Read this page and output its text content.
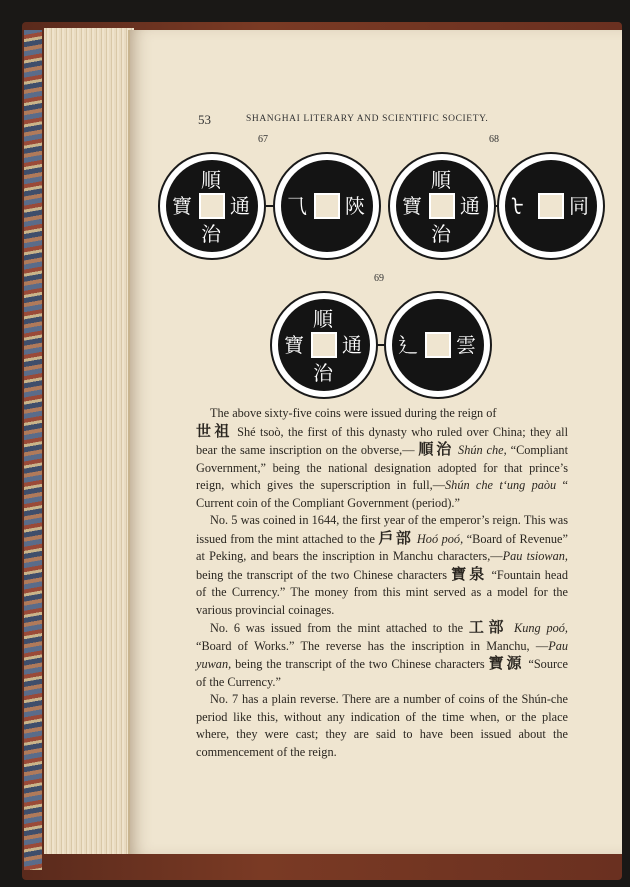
53	SHANGHAI LITERARY AND SCIENTIFIC SOCIETY.
67	68
69
順
治
寶 通 ⺄ 陝
順
治
寶 通 ᡶ 同
順
治
寶 通 ⻎ 雲

The above sixty-five coins were issued during the reign of
世祖 Shé tsoò, the first of this dynasty who ruled over China; they all bear the same inscription on the obverse,— 順治 Shún che, “Compliant Government,” being the national designation adopted for that prince’s reign, which gives the superscription in full,—Shún che t‘ung paòu “ Current coin of the Compliant Government (period).”

No. 5 was coined in 1644, the first year of the emperor’s reign. This was issued from the mint attached to the 戶部 Hoó poó, “Board of Revenue” at Peking, and bears the inscription in Manchu characters,—Pau tsiowan, being the transcript of the two Chinese characters 寶泉 “Fountain head of the Currency.” The money from this mint served as a model for the various provincial coinages.

No. 6 was issued from the mint attached to the 工部 Kung poó, “Board of Works.” The reverse has the inscription in Manchu, —Pau yuwan, being the transcript of the two Chinese characters 寶源 “Source of the Currency.”

No. 7 has a plain reverse. There are a number of coins of the Shún-che period like this, without any indication of the time when, or the place where, they were cast; they are said to have been issued about the commencement of the reign.
